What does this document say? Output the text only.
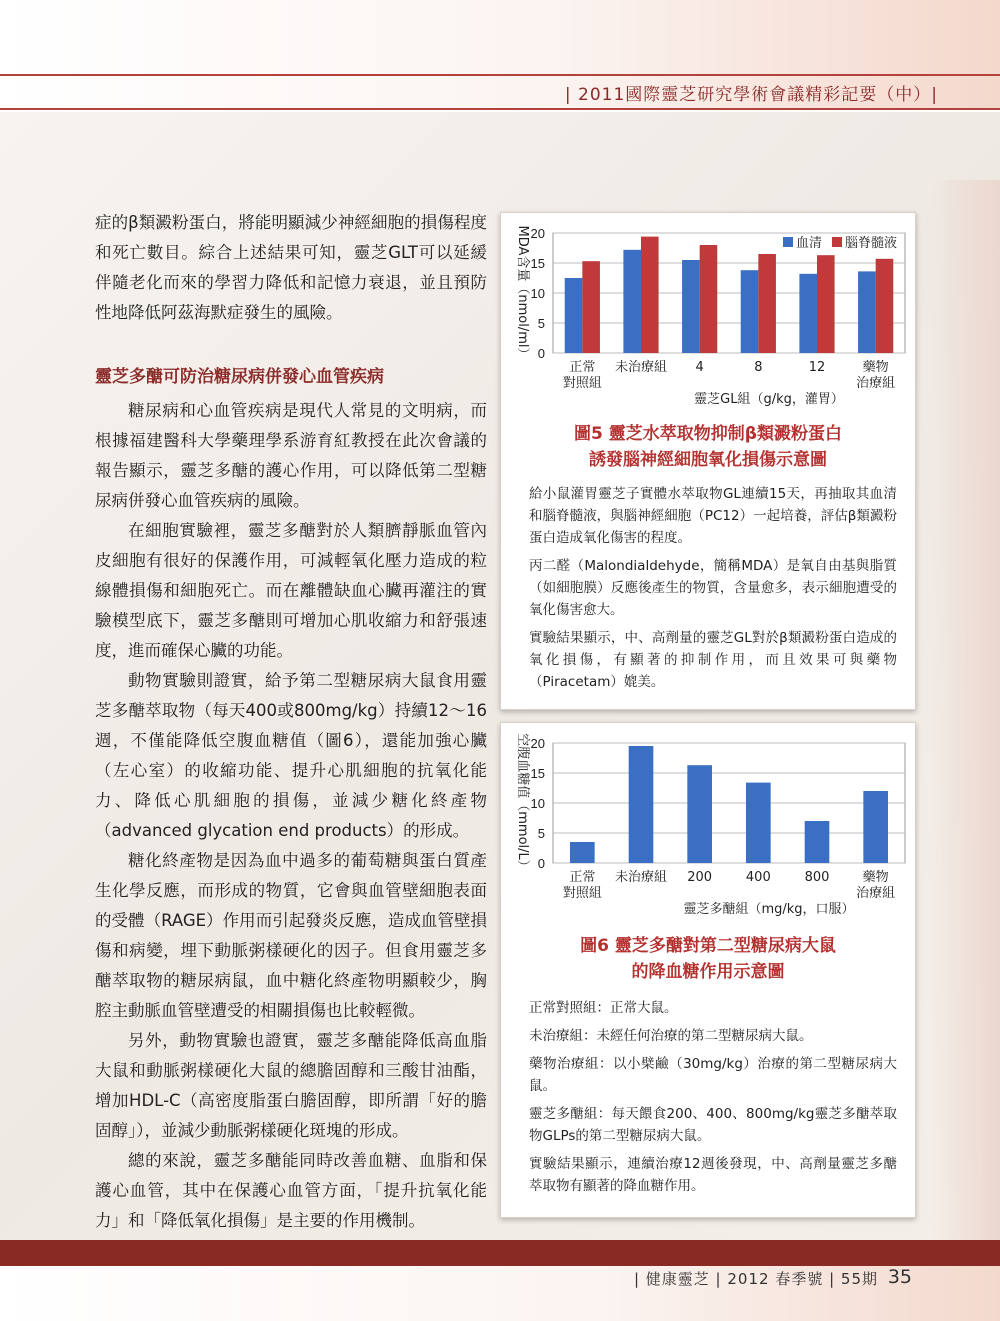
| 2011國際靈芝研究學術會議精彩記要（中）|

症的β類澱粉蛋白，將能明顯減少神經細胞的損傷程度和死亡數目。綜合上述結果可知，靈芝GLT可以延緩伴隨老化而來的學習力降低和記憶力衰退，並且預防性地降低阿茲海默症發生的風險。

靈芝多醣可防治糖尿病併發心血管疾病

糖尿病和心血管疾病是現代人常見的文明病，而根據福建醫科大學藥理學系游育紅教授在此次會議的報告顯示，靈芝多醣的護心作用，可以降低第二型糖尿病併發心血管疾病的風險。

在細胞實驗裡，靈芝多醣對於人類臍靜脈血管內皮細胞有很好的保護作用，可減輕氧化壓力造成的粒線體損傷和細胞死亡。而在離體缺血心臟再灌注的實驗模型底下，靈芝多醣則可增加心肌收縮力和舒張速度，進而確保心臟的功能。

動物實驗則證實，給予第二型糖尿病大鼠食用靈芝多醣萃取物（每天400或800mg/kg）持續12～16週，不僅能降低空腹血糖值（圖6），還能加強心臟（左心室）的收縮功能、提升心肌細胞的抗氧化能力、降低心肌細胞的損傷，並減少糖化終產物（advanced glycation end products）的形成。

糖化終產物是因為血中過多的葡萄糖與蛋白質產生化學反應，而形成的物質，它會與血管壁細胞表面的受體（RAGE）作用而引起發炎反應，造成血管壁損傷和病變，埋下動脈粥樣硬化的因子。但食用靈芝多醣萃取物的糖尿病鼠，血中糖化終產物明顯較少，胸腔主動脈血管壁遭受的相關損傷也比較輕微。

另外，動物實驗也證實，靈芝多醣能降低高血脂大鼠和動脈粥樣硬化大鼠的總膽固醇和三酸甘油酯，增加HDL-C（高密度脂蛋白膽固醇，即所謂「好的膽固醇」），並減少動脈粥樣硬化斑塊的形成。

總的來說，靈芝多醣能同時改善血糖、血脂和保護心血管，其中在保護心血管方面，「提升抗氧化能力」和「降低氧化損傷」是主要的作用機制。

0
5
10
15
20
MDA含量（nmol/ml）
正常
對照組
未治療組 4	8	12	藥物
治療組
靈芝GL組（g/kg，灌胃）
血清 腦脊髓液
圖5 靈芝水萃取物抑制β類澱粉蛋白
誘發腦神經細胞氧化損傷示意圖

給小鼠灌胃靈芝子實體水萃取物GL連續15天，再抽取其血清和腦脊髓液，與腦神經細胞（PC12）一起培養，評估β類澱粉蛋白造成氧化傷害的程度。

丙二醛（Malondialdehyde，簡稱MDA）是氧自由基與脂質（如細胞膜）反應後產生的物質，含量愈多，表示細胞遭受的氧化傷害愈大。

實驗結果顯示，中、高劑量的靈芝GL對於β類澱粉蛋白造成的氧化損傷，有顯著的抑制作用，而且效果可與藥物（Piracetam）媲美。

0
5
10
15
20
空腹血糖值（mmol/L）
正常
對照組
未治療組 200	400	800	藥物
治療組
靈芝多醣組（mg/kg，口服）
圖6 靈芝多醣對第二型糖尿病大鼠
的降血糖作用示意圖

正常對照組：正常大鼠。

未治療組：未經任何治療的第二型糖尿病大鼠。

藥物治療組：以小檗鹼（30mg/kg）治療的第二型糖尿病大鼠。

靈芝多醣組：每天餵食200、400、800mg/kg靈芝多醣萃取物GLPs的第二型糖尿病大鼠。

實驗結果顯示，連續治療12週後發現，中、高劑量靈芝多醣萃取物有顯著的降血糖作用。

| 健康靈芝 | 2012 春季號 | 55期 35
